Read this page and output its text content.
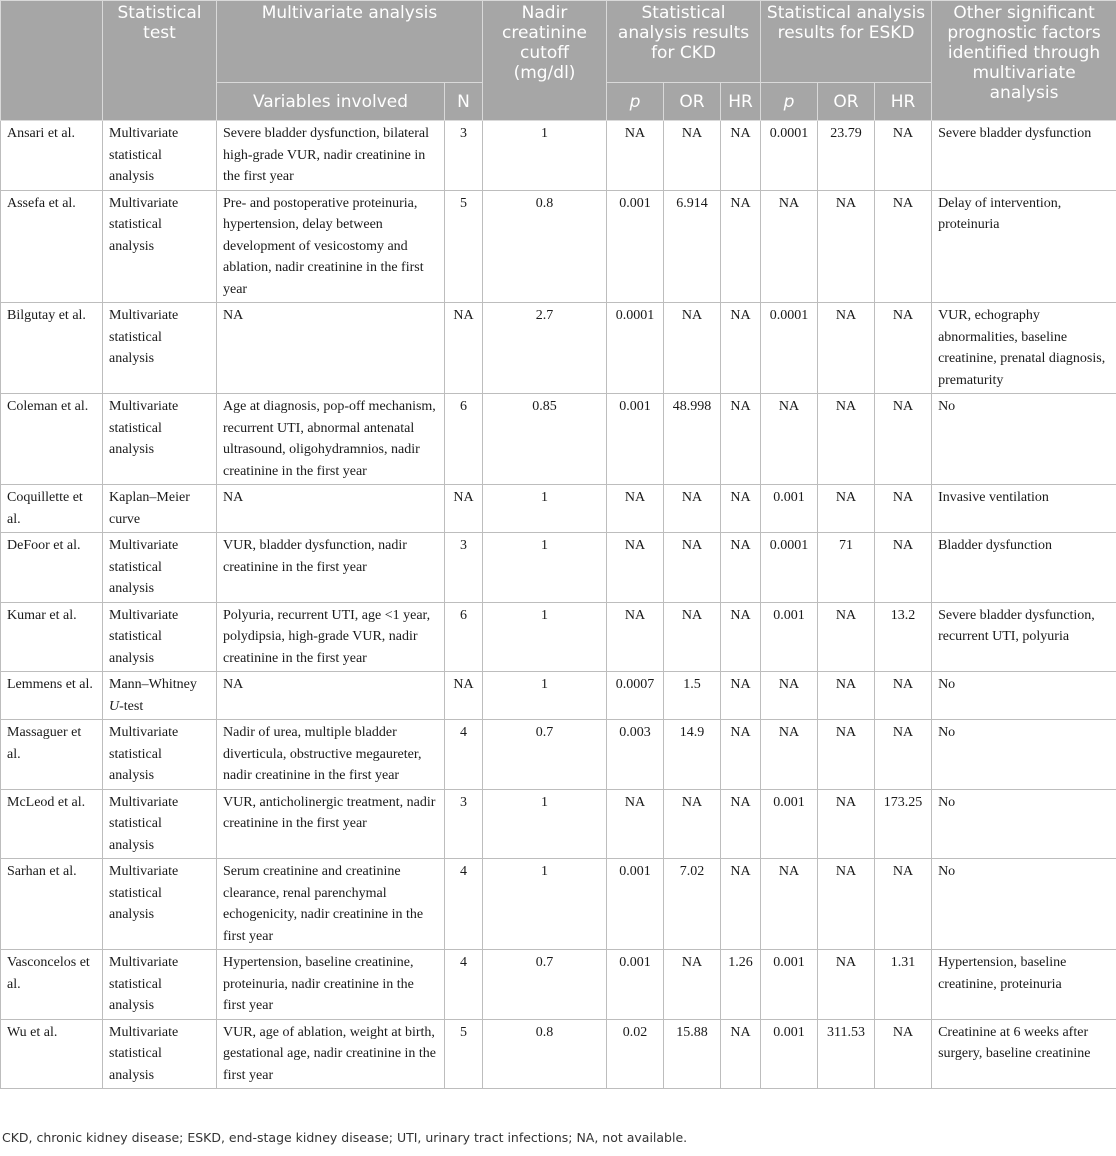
	Statistical test	Multivariate analysis		Nadir creatinine cutoff (mg/dl)	Statistical analysis results for CKD			Statistical analysis results for ESKD			Other significant prognostic factors identified through multivariate analysis
		Variables involved	N		p	OR	HR	p	OR	HR	
Ansari et al.	Multivariate statistical analysis	Severe bladder dysfunction, bilateral high-grade VUR, nadir creatinine in the first year	3	1	NA	NA	NA	0.0001	23.79	NA	Severe bladder dysfunction
Assefa et al.	Multivariate statistical analysis	Pre- and postoperative proteinuria, hypertension, delay between development of vesicostomy and ablation, nadir creatinine in the first year	5	0.8	0.001	6.914	NA	NA	NA	NA	Delay of intervention, proteinuria
Bilgutay et al.	Multivariate statistical analysis	NA	NA	2.7	0.0001	NA	NA	0.0001	NA	NA	VUR, echography abnormalities, baseline creatinine, prenatal diagnosis, prematurity
Coleman et al.	Multivariate statistical analysis	Age at diagnosis, pop-off mechanism, recurrent UTI, abnormal antenatal ultrasound, oligohydramnios, nadir creatinine in the first year	6	0.85	0.001	48.998	NA	NA	NA	NA	No
Coquillette et al.	Kaplan–Meier curve	NA	NA	1	NA	NA	NA	0.001	NA	NA	Invasive ventilation
DeFoor et al.	Multivariate statistical analysis	VUR, bladder dysfunction, nadir creatinine in the first year	3	1	NA	NA	NA	0.0001	71	NA	Bladder dysfunction
Kumar et al.	Multivariate statistical analysis	Polyuria, recurrent UTI, age <1 year, polydipsia, high-grade VUR, nadir creatinine in the first year	6	1	NA	NA	NA	0.001	NA	13.2	Severe bladder dysfunction, recurrent UTI, polyuria
Lemmens et al.	Mann–Whitney U-test	NA	NA	1	0.0007	1.5	NA	NA	NA	NA	No
Massaguer et al.	Multivariate statistical analysis	Nadir of urea, multiple bladder diverticula, obstructive megaureter, nadir creatinine in the first year	4	0.7	0.003	14.9	NA	NA	NA	NA	No
McLeod et al.	Multivariate statistical analysis	VUR, anticholinergic treatment, nadir creatinine in the first year	3	1	NA	NA	NA	0.001	NA	173.25	No
Sarhan et al.	Multivariate statistical analysis	Serum creatinine and creatinine clearance, renal parenchymal echogenicity, nadir creatinine in the first year	4	1	0.001	7.02	NA	NA	NA	NA	No
Vasconcelos et al.	Multivariate statistical analysis	Hypertension, baseline creatinine, proteinuria, nadir creatinine in the first year	4	0.7	0.001	NA	1.26	0.001	NA	1.31	Hypertension, baseline creatinine, proteinuria
Wu et al.	Multivariate statistical analysis	VUR, age of ablation, weight at birth, gestational age, nadir creatinine in the first year	5	0.8	0.02	15.88	NA	0.001	311.53	NA	Creatinine at 6 weeks after surgery, baseline creatinine
CKD, chronic kidney disease; ESKD, end-stage kidney disease; UTI, urinary tract infections; NA, not available.
